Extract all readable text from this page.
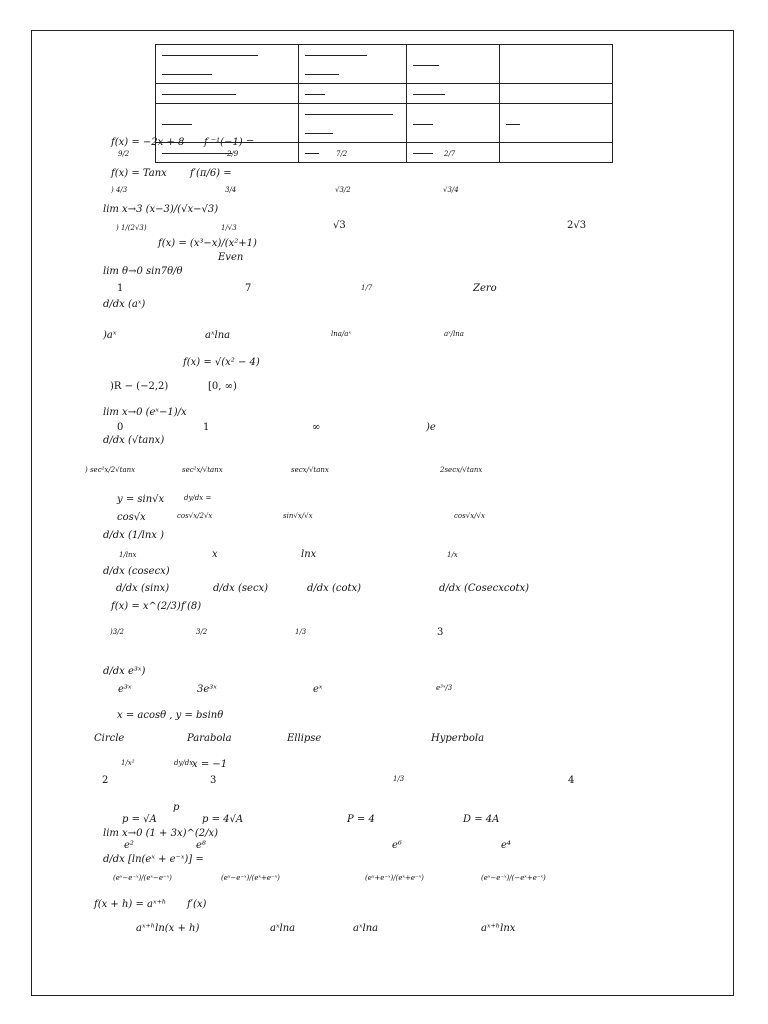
f(x) = −2x + 8 f ⁻¹(−1) =
9/2	2/9	7/2	2/7
f(x) = Tanx f′(π/6) =
) 4/3	3/4	√3/2	√3/4
lim x→3 (x−3)/(√x−√3)
) 1/(2√3)	1/√3	√3	2√3
f(x) = (x³−x)/(x²+1)
Even
lim θ→0 sin7θ/θ
1	7	1/7	Zero
d/dx (aˣ)
)aˣ	aˣlna	lna/aˣ	aˣ/lna
f(x) = √(x² − 4)
)R − (−2,2)	[0, ∞)
lim x→0 (eˣ−1)/x
0	1	∞	)e
d/dx (√tanx)
) sec²x/2√tanx	sec²x/√tanx	secx/√tanx	2secx/√tanx
y = sin√x	dy/dx =
cos√x	cos√x/2√x	sin√x/√x	cos√x/√x
d/dx (1/lnx )
1/lnx	x	lnx	1/x
d/dx (cosecx)
d/dx (sinx)	d/dx (secx)	d/dx (cotx)	d/dx (Cosecxcotx)
f(x) = x^(2/3) f′(8)
)3/2	3/2	1/3	3
d/dx e³ˣ)
e³ˣ	3e³ˣ	eˣ	e³ˣ/3
x = acosθ , y = bsinθ
Circle	Parabola	Ellipse	Hyperbola
1/x²	dy/dx
x = −1
2	3	1/3	4
p
p = √A	p = 4√A	P = 4	D = 4A
lim x→0 (1 + 3x)^(2/x)
e²	e⁸	e⁶	e⁴
d/dx [ln(eˣ + e⁻ˣ)] =
(eˣ−e⁻ˣ)/(eˣ−e⁻ˣ)	(eˣ−e⁻ˣ)/(eˣ+e⁻ˣ)	(eˣ+e⁻ˣ)/(eˣ+e⁻ˣ)	(eˣ−e⁻ˣ)/(−eˣ+e⁻ˣ)
f(x + h) = aˣ⁺ʰ f′(x)
aˣ⁺ʰln(x + h)	aˣlna	aˣlna	aˣ⁺ʰlnx
